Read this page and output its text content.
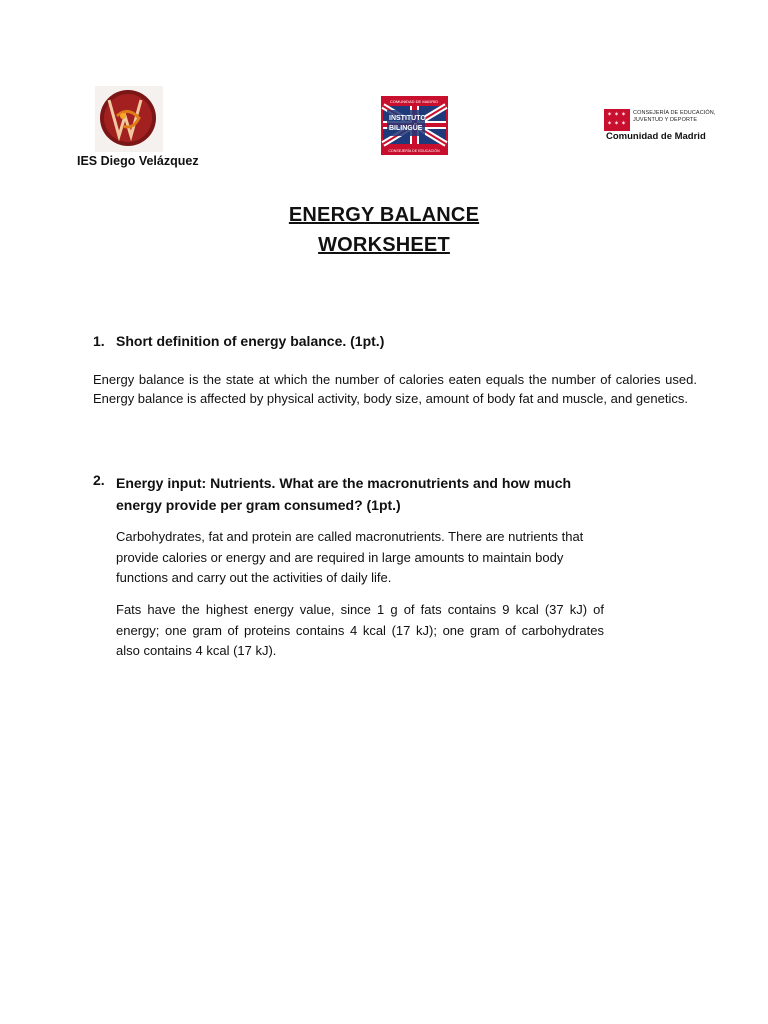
IES Diego Velázquez
COMUNIDAD DE MADRID
INSTITUTO
BILINGÜE
CONSEJERÍA DE EDUCACIÓN
✶ ✶ ✶
✶ ✶ ✶
CONSEJERÍA DE EDUCACIÓN,
JUVENTUD Y DEPORTE
Comunidad de Madrid
ENERGY BALANCE
WORKSHEET
1. Short definition of energy balance. (1pt.)
Energy balance is the state at which the number of calories eaten equals the number of calories used. Energy balance is affected by physical activity, body size, amount of body fat and muscle, and genetics.
2. Energy input: Nutrients. What are the macronutrients and how much energy provide per gram consumed? (1pt.)
Carbohydrates, fat and protein are called macronutrients. There are nutrients that provide calories or energy and are required in large amounts to maintain body functions and carry out the activities of daily life.
Fats have the highest energy value, since 1 g of fats contains 9 kcal (37 kJ) of energy; one gram of proteins contains 4 kcal (17 kJ); one gram of carbohydrates also contains 4 kcal (17 kJ).
